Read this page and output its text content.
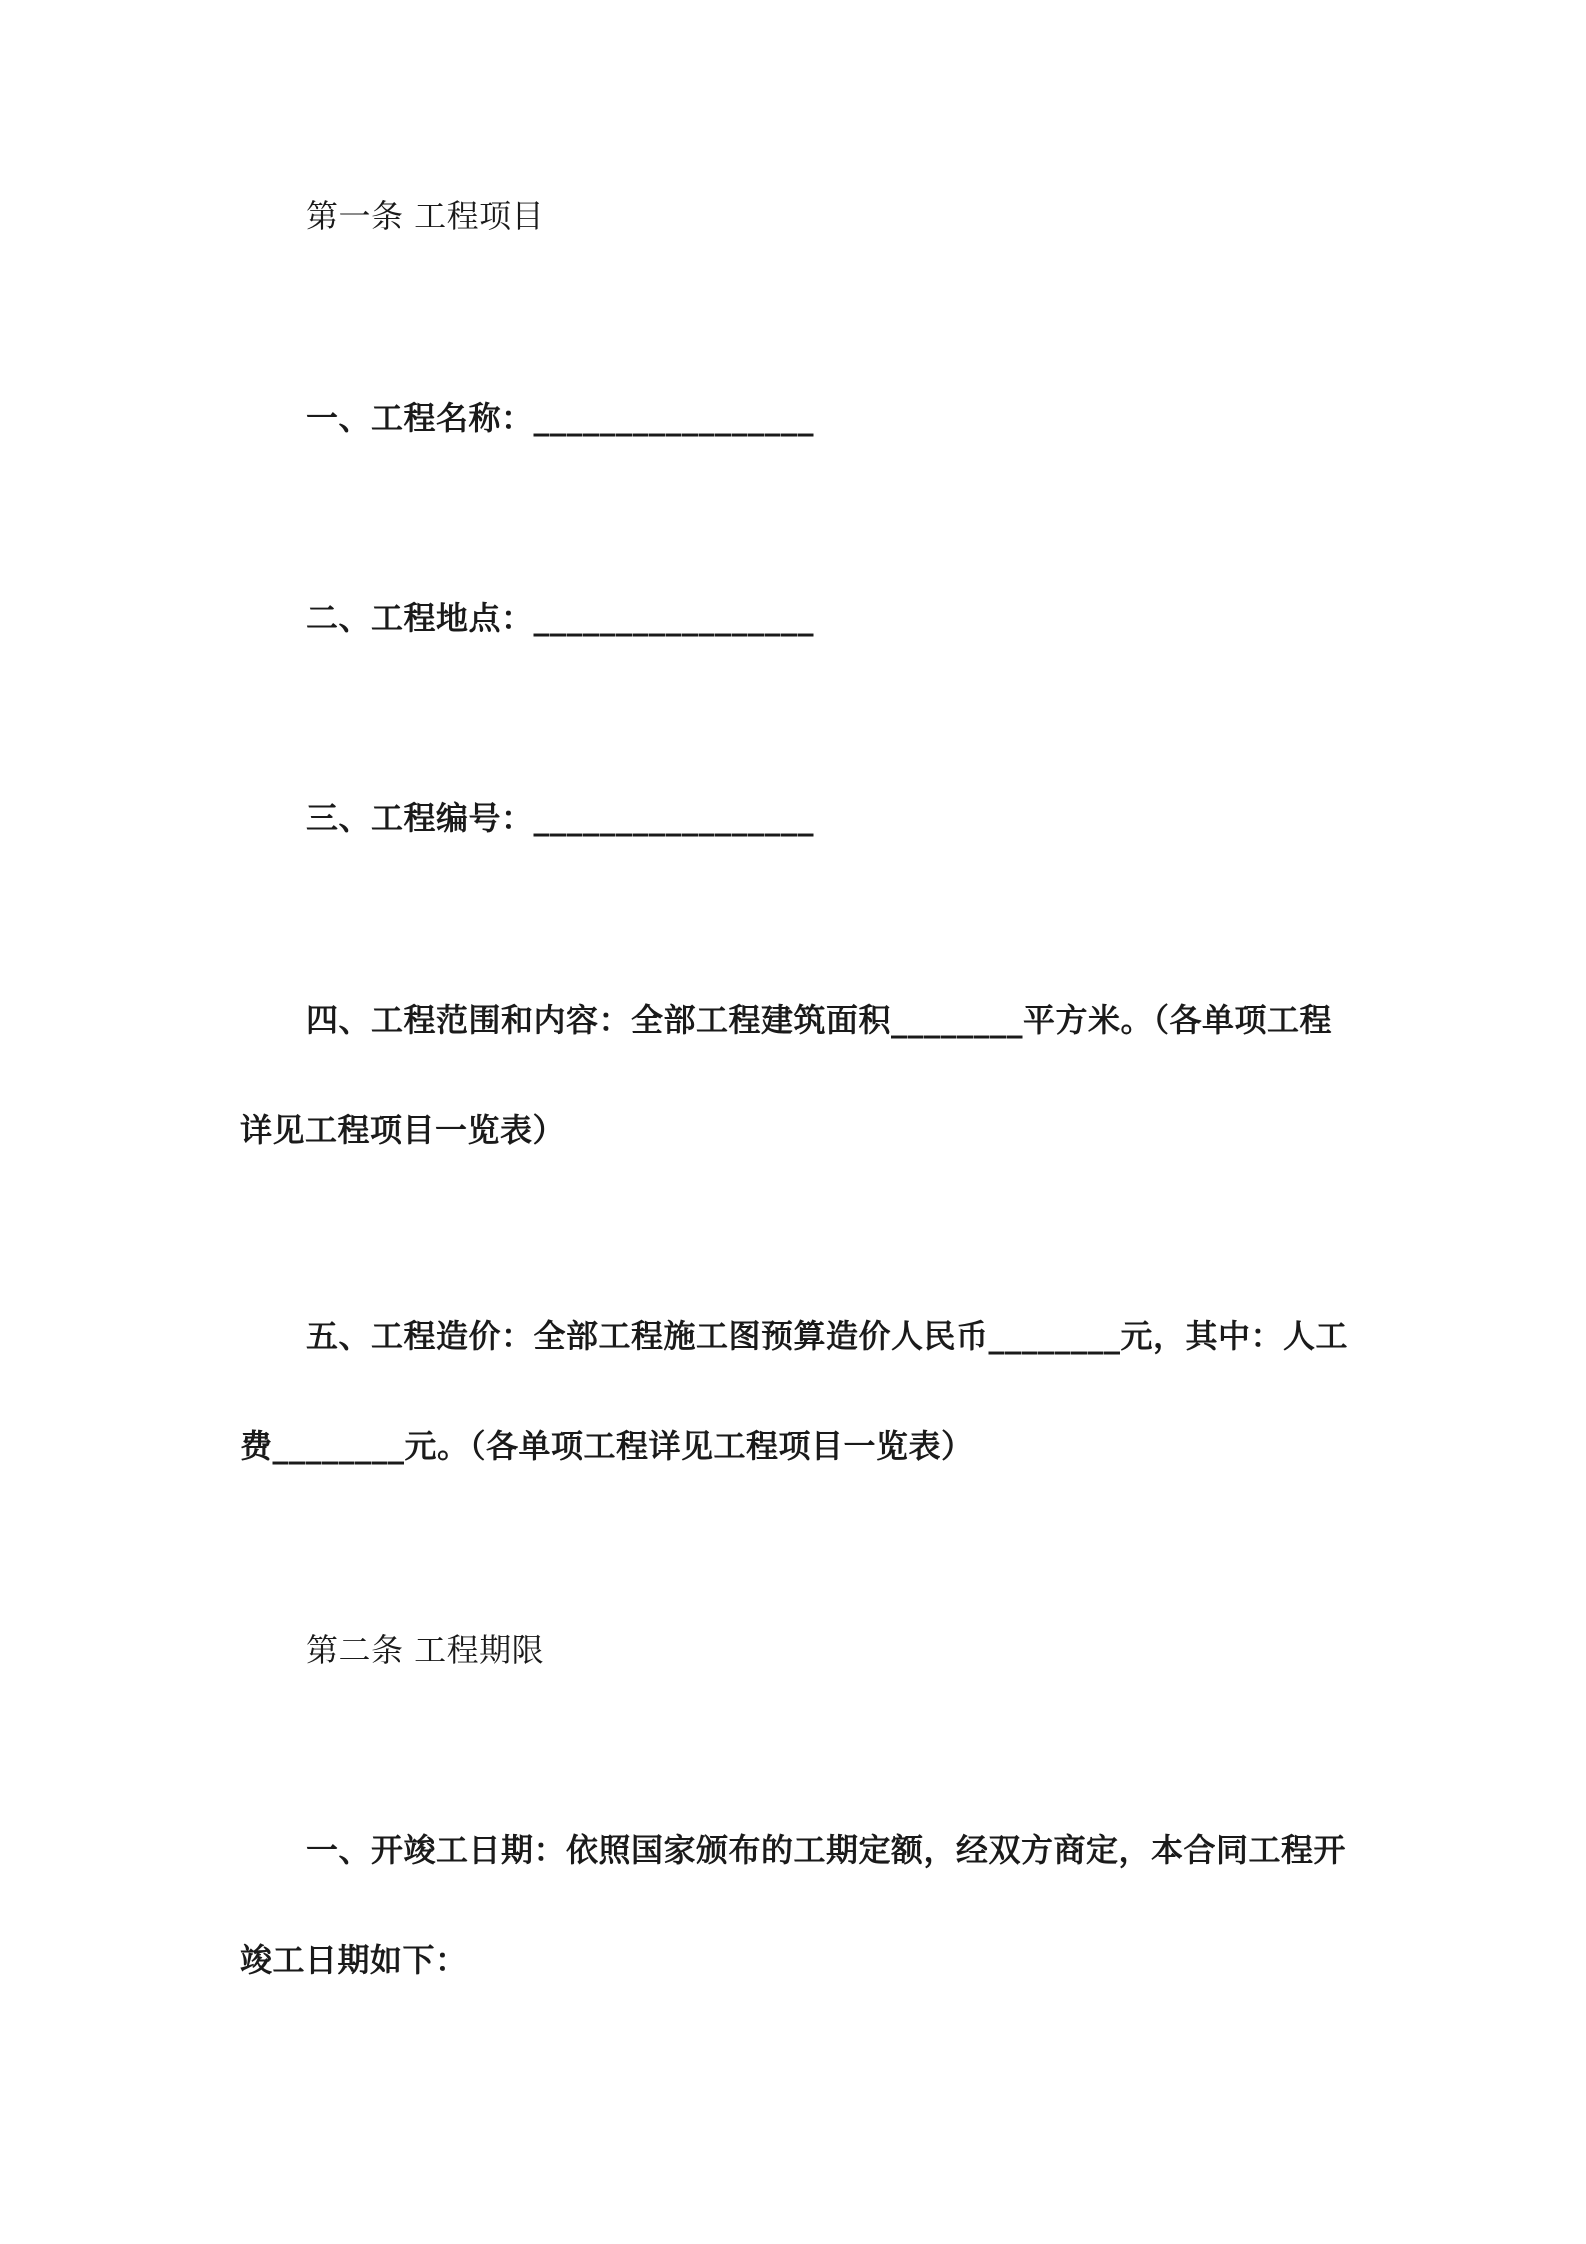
第一条 工程项目

一、工程名称：_________________

二、工程地点：_________________

三、工程编号：_________________

四、工程范围和内容：全部工程建筑面积________平方米。（各单项工程

详见工程项目一览表）

五、工程造价：全部工程施工图预算造价人民币________元，其中：人工

费________元。（各单项工程详见工程项目一览表）

第二条 工程期限

一、开竣工日期：依照国家颁布的工期定额，经双方商定，本合同工程开

竣工日期如下：
